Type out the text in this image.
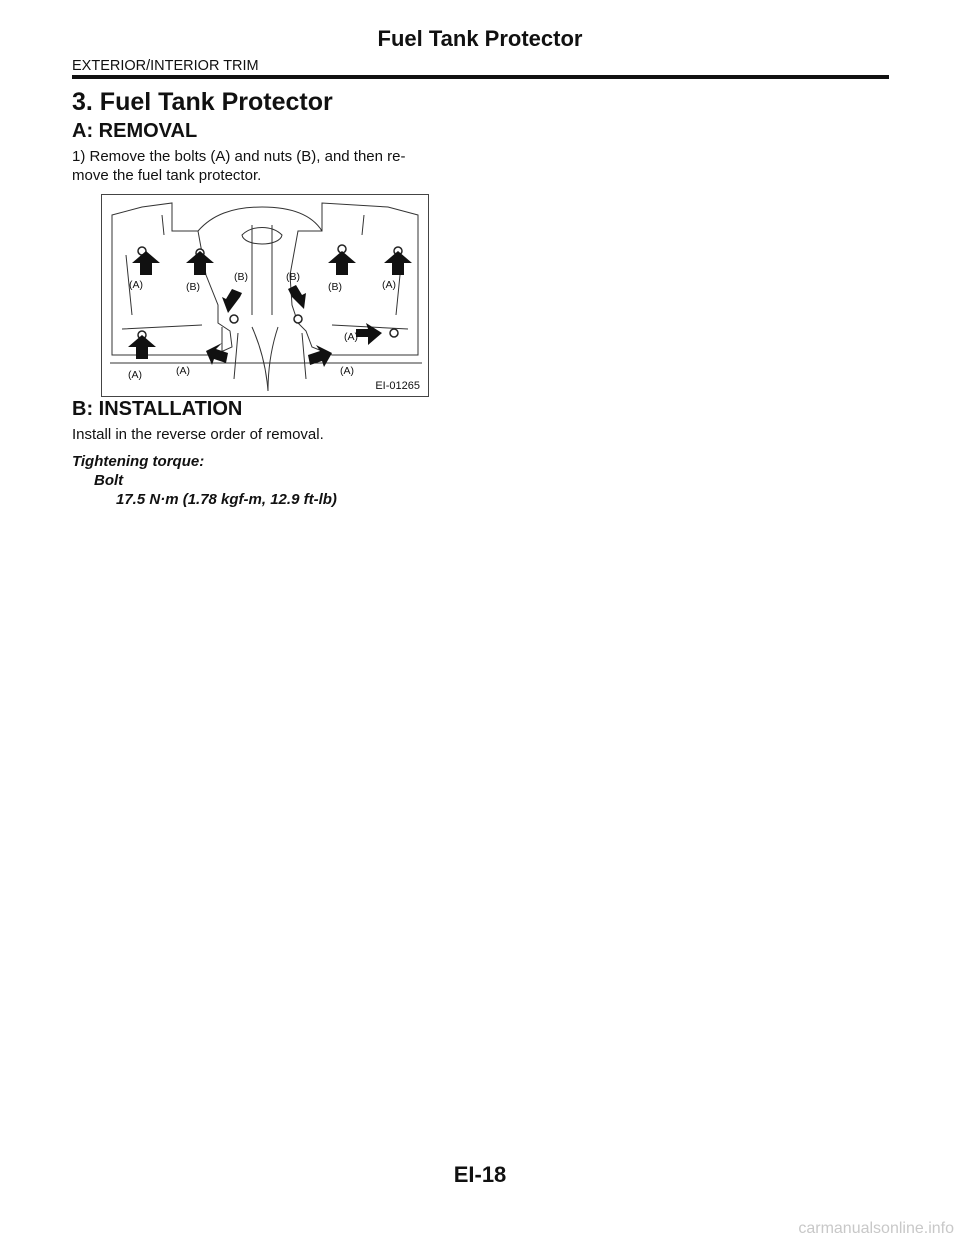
Fuel Tank Protector
EXTERIOR/INTERIOR TRIM
3. Fuel Tank Protector
A: REMOVAL
1) Remove the bolts (A) and nuts (B), and then re-
move the fuel tank protector.
(A)	(B)
(B)	(B)
(B)	(A)
(A)
(A)	(A)	(A)
EI-01265
B: INSTALLATION
Install in the reverse order of removal.
Tightening torque:
Bolt
17.5 N·m (1.78 kgf-m, 12.9 ft-lb)
EI-18
carmanualsonline.info
